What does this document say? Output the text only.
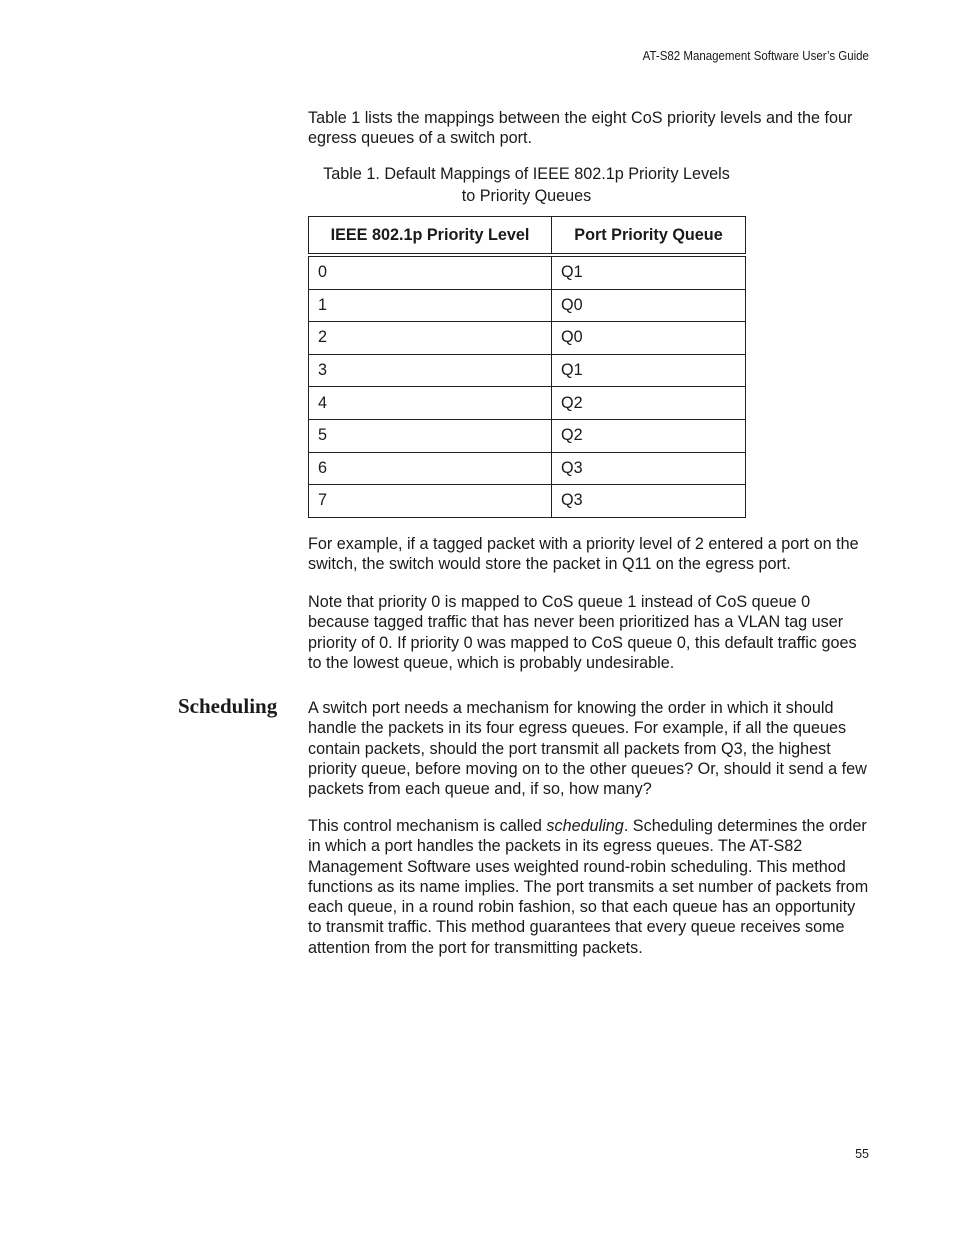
AT-S82 Management Software User’s Guide

Table 1 lists the mappings between the eight CoS priority levels and the four egress queues of a switch port.

Table 1. Default Mappings of IEEE 802.1p Priority Levels
to Priority Queues
IEEE 802.1p Priority Level	Port Priority Queue
0	Q1
1	Q0
2	Q0
3	Q1
4	Q2
5	Q2
6	Q3
7	Q3

For example, if a tagged packet with a priority level of 2 entered a port on the switch, the switch would store the packet in Q11 on the egress port.

Note that priority 0 is mapped to CoS queue 1 instead of CoS queue 0 because tagged traffic that has never been prioritized has a VLAN tag user priority of 0. If priority 0 was mapped to CoS queue 0, this default traffic goes to the lowest queue, which is probably undesirable.

Scheduling A switch port needs a mechanism for knowing the order in which it should handle the packets in its four egress queues. For example, if all the queues contain packets, should the port transmit all packets from Q3, the highest priority queue, before moving on to the other queues? Or, should it send a few packets from each queue and, if so, how many?

This control mechanism is called scheduling. Scheduling determines the order in which a port handles the packets in its egress queues. The AT-S82 Management Software uses weighted round-robin scheduling. This method functions as its name implies. The port transmits a set number of packets from each queue, in a round robin fashion, so that each queue has an opportunity to transmit traffic. This method guarantees that every queue receives some attention from the port for transmitting packets.

55
